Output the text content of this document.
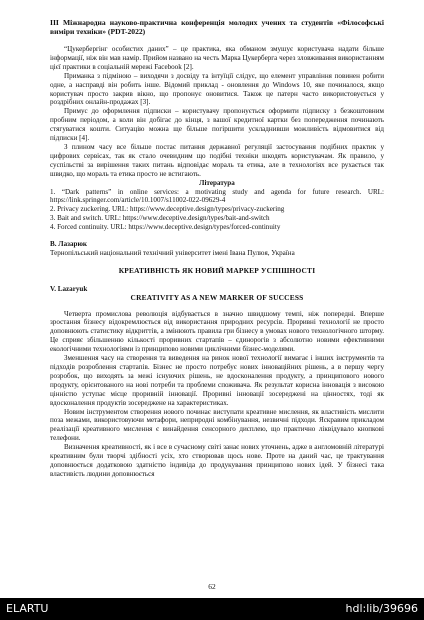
III Міжнародна науково-практична конференція молодих учених та студентів «Філософські виміри техніки» (PDT-2022)

“Цукербергінг особистих даних” – це практика, яка обманом змушує користувача надати більше інформації, ніж він мав намір. Прийом названо на честь Марка Цукерберга через зловживання використанням цієї практики в соціальній мережі Facebook [2].

Приманка з підміною – виходячи з досвіду та інтуїції слідує, що елемент управління повинен робити одне, а насправді він робить інше. Відомий приклад - оновлення до Windows 10, яке починалося, якщо користувач просто закрив вікно, що пропонує оновитися. Також це патерн часто використовується у роздрібних онлайн-продажах [3].

Примус до оформлення підписки – користувачу пропонується оформити підписку з безкоштовним пробним періодом, а коли він добігає до кінця, з вашої кредитної картки без попередження починають стягуватися кошти. Ситуацію можна ще більше погіршити ускладнивши можливість відмовитися від підписки [4].

З плином часу все більше постає питання державної регуляції застосування подібних практик у цифрових сервісах, так як стало очевидним що подібні техніки шкодять користувачам. Як правило, у суспільстві за вирішення таких питань відповідає мораль та етика, але в технологіях все рухається так швидко, що мораль та етика просто не встигають.

Література

1. “Dark patterns” in online services: a motivating study and agenda for future research. URL: https://link.springer.com/article/10.1007/s11002-022-09629-4

2. Privacy zuckering. URL: https://www.deceptive.design/types/privacy-zuckering

3. Bait and switch. URL: https://www.deceptive.design/types/bait-and-switch

4. Forced continuity. URL: https://www.deceptive.design/types/forced-continuity

В. Лазарюк

Тернопільський національний технічний університет імені Івана Пулюя, Україна

КРЕАТИВНІСТЬ ЯК НОВИЙ МАРКЕР УСПІШНОСТІ

V. Lazaryuk

CREATIVITY AS A NEW MARKER OF SUCCESS

Четверта промислова революція відбувається в значно швидшому темпі, ніж попередні. Вперше зростання бізнесу відокремлюється від використання природних ресурсів. Проривні технології не просто доповнюють статистику відкриттів, а змінюють правила гри бізнесу в умовах нового технологічного шторму. Це сприяє збільшенню кількості проривних стартапів – єдинорогів з абсолютно новими ефективними екологічними технологіями із принципово новими циклічними бізнес-моделями.

Зменшення часу на створення та виведення на ринок нової технології вимагає і інших інструментів та підходів розроблення стартапів. Бізнес не просто потребує нових інноваційних рішень, а в першу чергу розробок, що виходять за межі існуючих рішень, не вдосконалення продукту, а принципового нового продукту, орієнтованого на нові потреби та проблеми споживача. Як результат корисна інновація з високою цінністю уступає місце проривній інновації. Проривні інновації зосереджені на цінностях, тоді як вдосконалення продуктів зосереджене на характеристиках.

Новим інструментом створення нового починає виступати креативне мислення, як властивість мислити поза межами, використовуючи метафори, неприродні комбінування, незвичні підходи. Яскравим прикладом реалізації креативного мислення є винайдення сенсорного дисплею, що практично ліквідувало кнопкові телефони.

Визначення креативності, як і все в сучасному світі занає нових уточнень, адже в англомовній літературі креативним були творчі здібності усіх, хто створював щось нове. Проте на даний час, це трактування доповнюється додатковою здатністю індивіда до продукування принципово нових ідей. У бізнесі така властивість людини доповнюється

62
ELARTU	hdl:lib/39696
